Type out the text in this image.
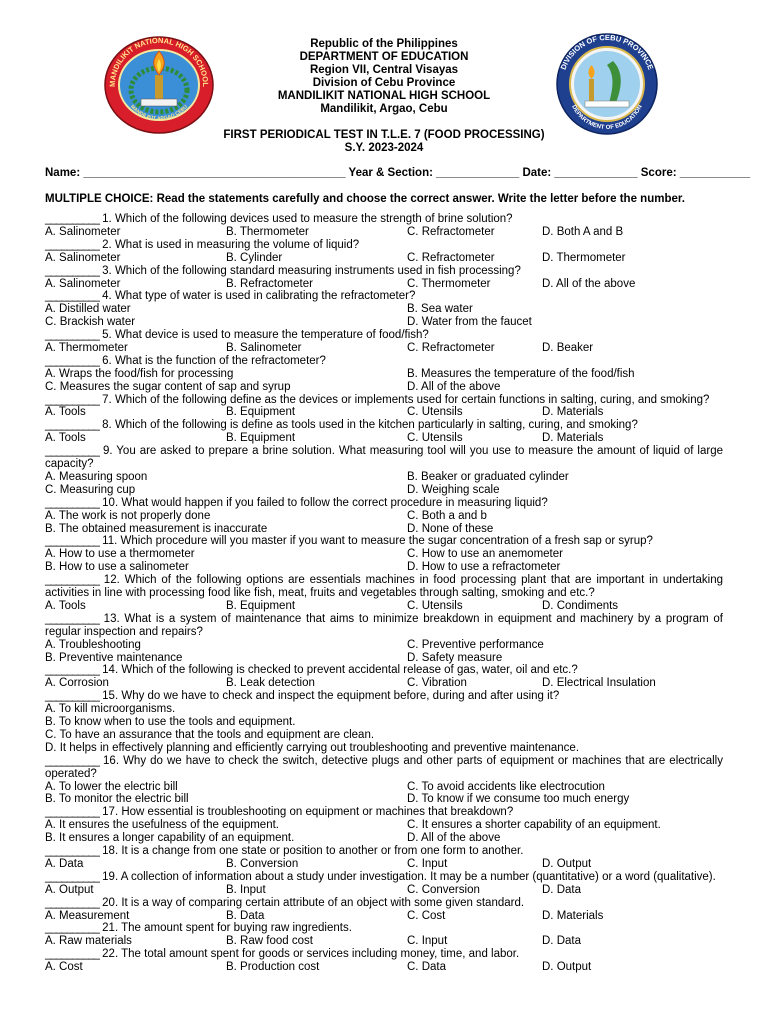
MANDILIKIT NATIONAL HIGH SCHOOL
MANDILIKIT ARGAO CEBU
DIVISION OF CEBU PROVINCE
DEPARTMENT OF EDUCATION
Republic of the Philippines
DEPARTMENT OF EDUCATION
Region VII, Central Visayas
Division of Cebu Province
MANDILIKIT NATIONAL HIGH SCHOOL
Mandilikit, Argao, Cebu
FIRST PERIODICAL TEST IN T.L.E. 7 (FOOD PROCESSING)
S.Y. 2023-2024
Name: _________________________________________ Year & Section: _____________ Date: _____________ Score: ___________
MULTIPLE CHOICE: Read the statements carefully and choose the correct answer. Write the letter before the number.
__________ 1. Which of the following devices used to measure the strength of brine solution?
A. Salinometer	B. Thermometer	C. Refractometer	D. Both A and B
__________ 2. What is used in measuring the volume of liquid?
A. Salinometer	B. Cylinder	C. Refractometer	D. Thermometer
__________ 3. Which of the following standard measuring instruments used in fish processing?
A. Salinometer	B. Refractometer	C. Thermometer	D. All of the above
__________ 4. What type of water is used in calibrating the refractometer?
A. Distilled water	B. Sea water
C. Brackish water	D. Water from the faucet
__________ 5. What device is used to measure the temperature of food/fish?
A. Thermometer	B. Salinometer	C. Refractometer	D. Beaker
__________ 6. What is the function of the refractometer?
A. Wraps the food/fish for processing	B. Measures the temperature of the food/fish
C. Measures the sugar content of sap and syrup	D. All of the above
__________ 7. Which of the following define as the devices or implements used for certain functions in salting, curing, and smoking?
A. Tools	B. Equipment	C. Utensils	D. Materials
__________ 8. Which of the following is define as tools used in the kitchen particularly in salting, curing, and smoking?
A. Tools	B. Equipment	C. Utensils	D. Materials
__________ 9. You are asked to prepare a brine solution. What measuring tool will you use to measure the amount of liquid of large capacity?
A. Measuring spoon	B. Beaker or graduated cylinder
C. Measuring cup	D. Weighing scale
__________ 10. What would happen if you failed to follow the correct procedure in measuring liquid?
A. The work is not properly done	C. Both a and b
B. The obtained measurement is inaccurate	D. None of these
__________ 11. Which procedure will you master if you want to measure the sugar concentration of a fresh sap or syrup?
A. How to use a thermometer	C. How to use an anemometer
B. How to use a salinometer	D. How to use a refractometer
__________ 12. Which of the following options are essentials machines in food processing plant that are important in undertaking activities in line with processing food like fish, meat, fruits and vegetables through salting, smoking and etc.?
A. Tools	B. Equipment	C. Utensils	D. Condiments
__________ 13. What is a system of maintenance that aims to minimize breakdown in equipment and machinery by a program of regular inspection and repairs?
A. Troubleshooting	C. Preventive performance
B. Preventive maintenance	D. Safety measure
__________ 14. Which of the following is checked to prevent accidental release of gas, water, oil and etc.?
A. Corrosion	B. Leak detection	C. Vibration	D. Electrical Insulation
__________ 15. Why do we have to check and inspect the equipment before, during and after using it?
A. To kill microorganisms.
B. To know when to use the tools and equipment.
C. To have an assurance that the tools and equipment are clean.
D. It helps in effectively planning and efficiently carrying out troubleshooting and preventive maintenance.
__________ 16. Why do we have to check the switch, detective plugs and other parts of equipment or machines that are electrically operated?
A. To lower the electric bill	C. To avoid accidents like electrocution
B. To monitor the electric bill	D. To know if we consume too much energy
__________ 17. How essential is troubleshooting on equipment or machines that breakdown?
A. It ensures the usefulness of the equipment.	C. It ensures a shorter capability of an equipment.
B. It ensures a longer capability of an equipment.	D. All of the above
__________ 18. It is a change from one state or position to another or from one form to another.
A. Data	B. Conversion	C. Input	D. Output
__________ 19. A collection of information about a study under investigation. It may be a number (quantitative) or a word (qualitative).
A. Output	B. Input	C. Conversion	D. Data
__________ 20. It is a way of comparing certain attribute of an object with some given standard.
A. Measurement	B. Data	C. Cost	D. Materials
__________ 21. The amount spent for buying raw ingredients.
A. Raw materials	B. Raw food cost	C. Input	D. Data
__________ 22. The total amount spent for goods or services including money, time, and labor.
A. Cost	B. Production cost	C. Data	D. Output
